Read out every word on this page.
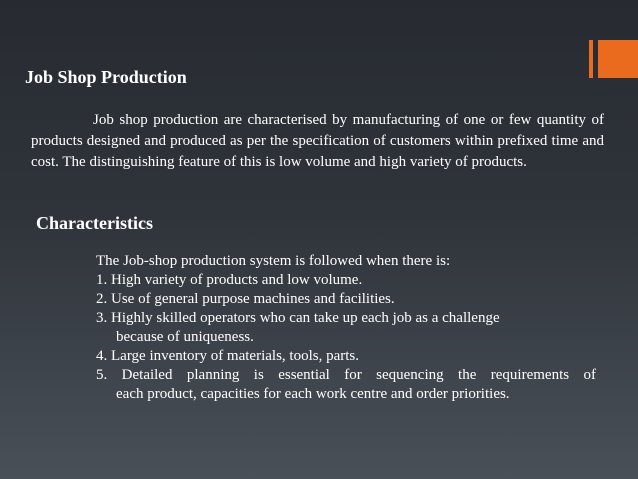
Job Shop Production

Job shop production are characterised by manufacturing of one or few quantity of products designed and produced as per the specification of customers within prefixed time and cost. The distinguishing feature of this is low volume and high variety of products.

Characteristics

The Job-shop production system is followed when there is:

1. High variety of products and low volume.
2. Use of general purpose machines and facilities.
3. Highly skilled operators who can take up each job as a challenge
because of uniqueness.
4. Large inventory of materials, tools, parts.
5. Detailed planning is essential for sequencing the requirements of
each product, capacities for each work centre and order priorities.
